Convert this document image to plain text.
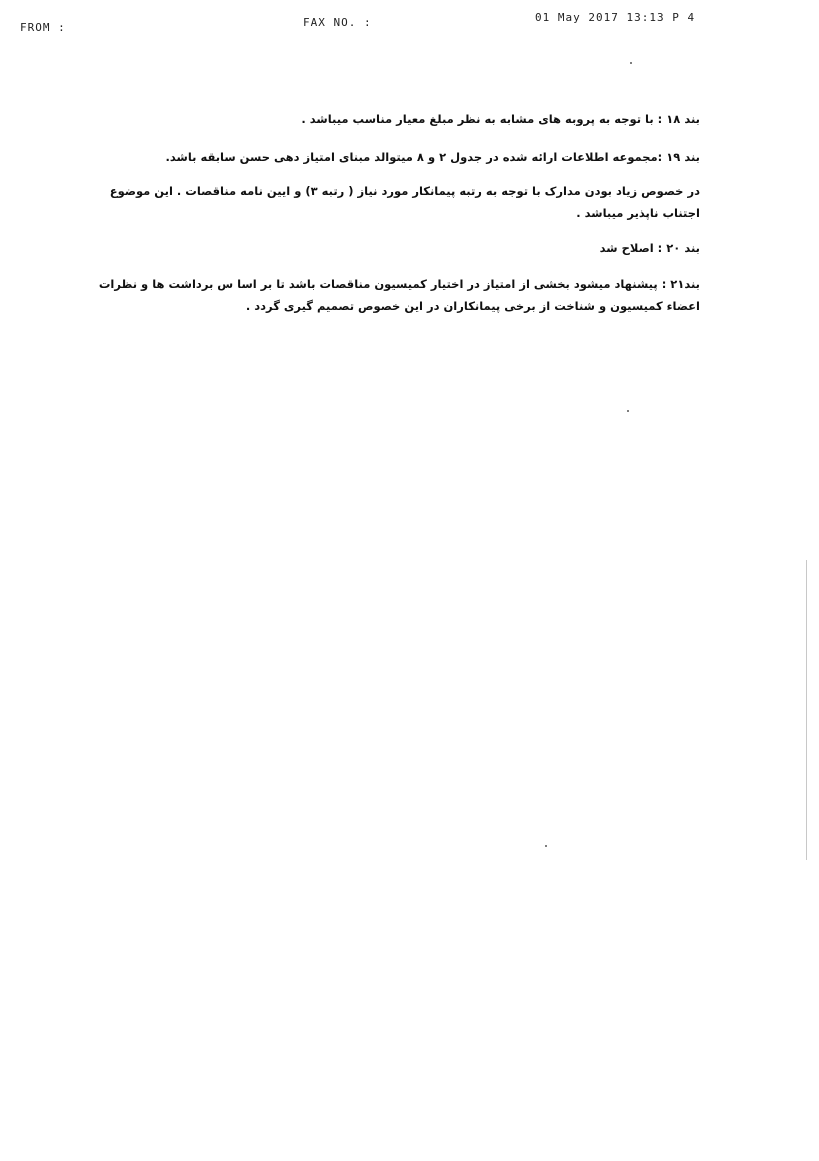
FROM :	FAX NO. :	01 May 2017 13:13 P 4

بند ۱۸ : با توجه به پروبه های مشابه به نظر مبلغ معیار مناسب میباشد .

بند ۱۹ :مجموعه اطلاعات ارائه شده در جدول ۲ و ۸ میتوالد مبنای امتیاز دهی حسن سابقه باشد.

در خصوص زیاد بودن مدارک با توجه به رتبه پیمانکار مورد نیاز ( رتبه ۳) و ایین نامه مناقصات . این موضوع اجتناب ناپذیر میباشد .

بند ۲۰ : اصلاح شد

بند۲۱ : پیشنهاد میشود بخشی از امتیاز در اختیار کمیسیون مناقصات باشد تا بر اسا س برداشت ها و نظرات اعضاء کمیسیون و شناخت از برخی پیمانکاران در این خصوص تصمیم گیری گردد .
